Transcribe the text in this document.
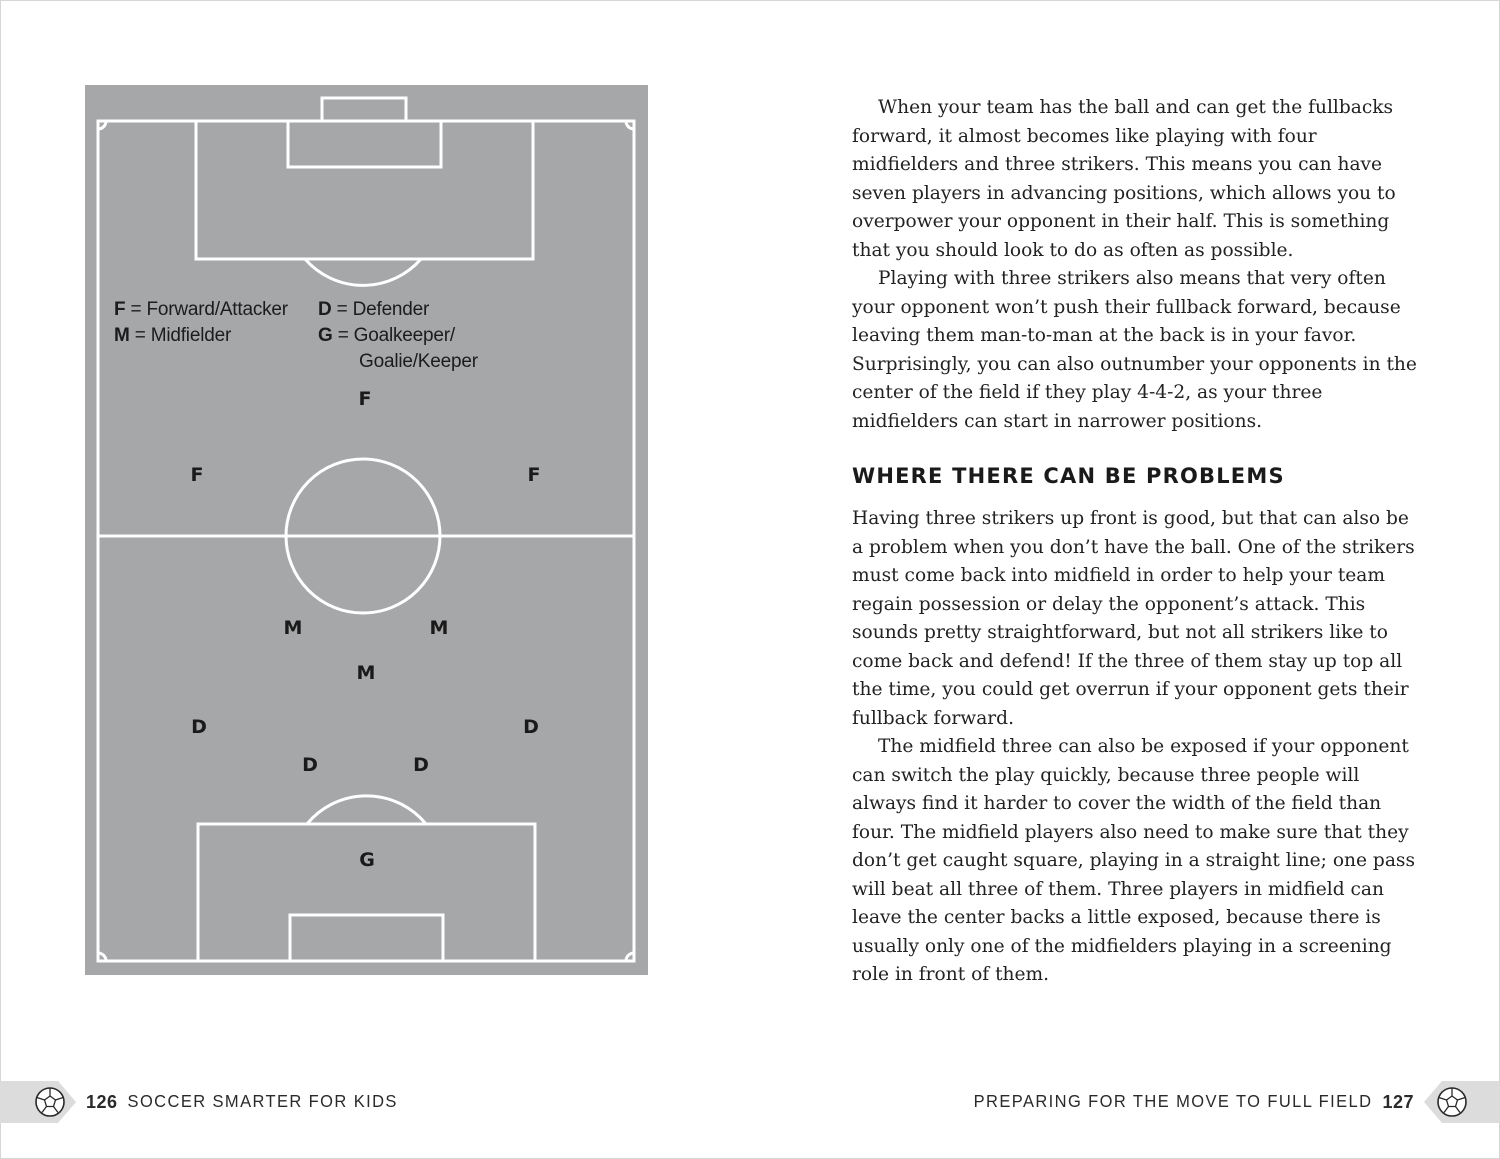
F = Forward/Attacker
M = Midfielder
D = Defender
G = Goalkeeper/
Goalie/Keeper
F
F	F
M	M
M
D	D
D	D
G

When your team has the ball and can get the fullbacks forward, it almost becomes like playing with four midfielders and three strikers. This means you can have seven players in advancing positions, which allows you to overpower your opponent in their half. This is something that you should look to do as often as possible.

Playing with three strikers also means that very often your opponent won’t push their fullback forward, because leaving them man-to-man at the back is in your favor. Surprisingly, you can also outnumber your opponents in the center of the field if they play 4-4-2, as your three midfielders can start in narrower positions.

WHERE THERE CAN BE PROBLEMS

Having three strikers up front is good, but that can also be a problem when you don’t have the ball. One of the strikers must come back into midfield in order to help your team regain possession or delay the opponent’s attack. This sounds pretty straightforward, but not all strikers like to come back and defend! If the three of them stay up top all the time, you could get overrun if your opponent gets their fullback forward.

The midfield three can also be exposed if your opponent can switch the play quickly, because three people will always find it harder to cover the width of the field than four. The midfield players also need to make sure that they don’t get caught square, playing in a straight line; one pass will beat all three of them. Three players in midfield can leave the center backs a little exposed, because there is usually only one of the midfielders playing in a screening role in front of them.

126 SOCCER SMARTER FOR KIDS	PREPARING FOR THE MOVE TO FULL FIELD 127
